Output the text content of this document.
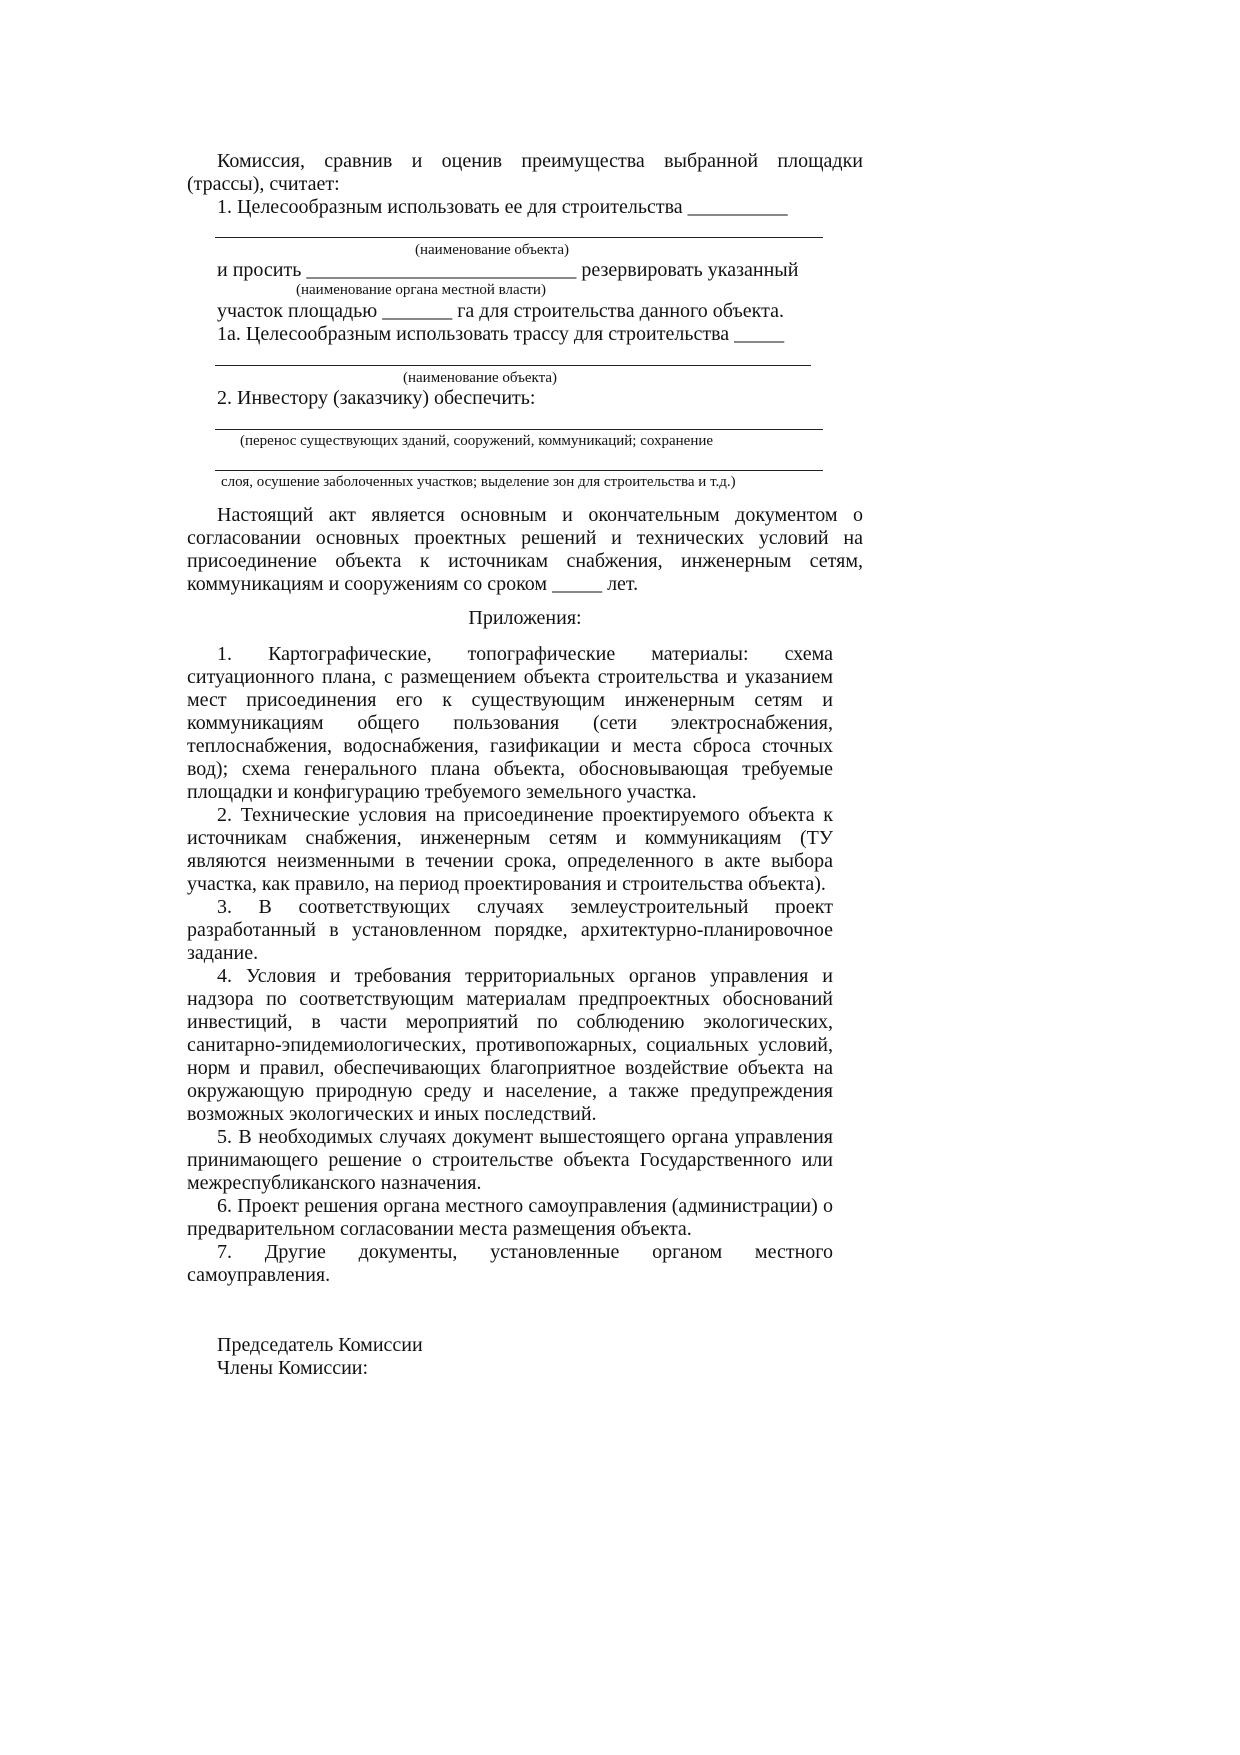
Комиссия, сравнив и оценив преимущества выбранной площадки

(трассы), считает:

1. Целесообразным использовать ее для строительства __________
(наименование объекта)
и просить ___________________________ резервировать указанный
(наименование органа местной власти)
участок площадью _______ га для строительства данного объекта.
1а. Целесообразным использовать трассу для строительства _____
(наименование объекта)
2. Инвестору (заказчику) обеспечить:
(перенос существующих зданий, сооружений, коммуникаций; сохранение
слоя, осушение заболоченных участков; выделение зон для строительства и т.д.)

Настоящий акт является основным и окончательным документом о согласовании основных проектных решений и технических условий на присоединение объекта к источникам снабжения, инженерным сетям,

коммуникациям и сооружениям со сроком _____ лет.

Приложения:

1. Картографические, топографические материалы: схема ситуационного плана, с размещением объекта строительства и указанием мест присоединения его к существующим инженерным сетям и коммуникациям общего пользования (сети электроснабжения, теплоснабжения, водоснабжения, газификации и места сброса сточных вод); схема генерального плана объекта, обосновывающая требуемые площадки и конфигурацию требуемого земельного участка.

2. Технические условия на присоединение проектируемого объекта к источникам снабжения, инженерным сетям и коммуникациям (ТУ являются неизменными в течении срока, определенного в акте выбора участка, как правило, на период проектирования и строительства объекта).

3. В соответствующих случаях землеустроительный проект разработанный в установленном порядке, архитектурно-планировочное задание.

4. Условия и требования территориальных органов управления и надзора по соответствующим материалам предпроектных обоснований инвестиций, в части мероприятий по соблюдению экологических, санитарно-эпидемиологических, противопожарных, социальных условий, норм и правил, обеспечивающих благоприятное воздействие объекта на окружающую природную среду и население, а также предупреждения возможных экологических и иных последствий.

5. В необходимых случаях документ вышестоящего органа управления принимающего решение о строительстве объекта Государственного или межреспубликанского назначения.

6. Проект решения органа местного самоуправления (администрации) о предварительном согласовании места размещения объекта.

7. Другие документы, установленные органом местного самоуправления.

Председатель Комиссии
Члены Комиссии:
